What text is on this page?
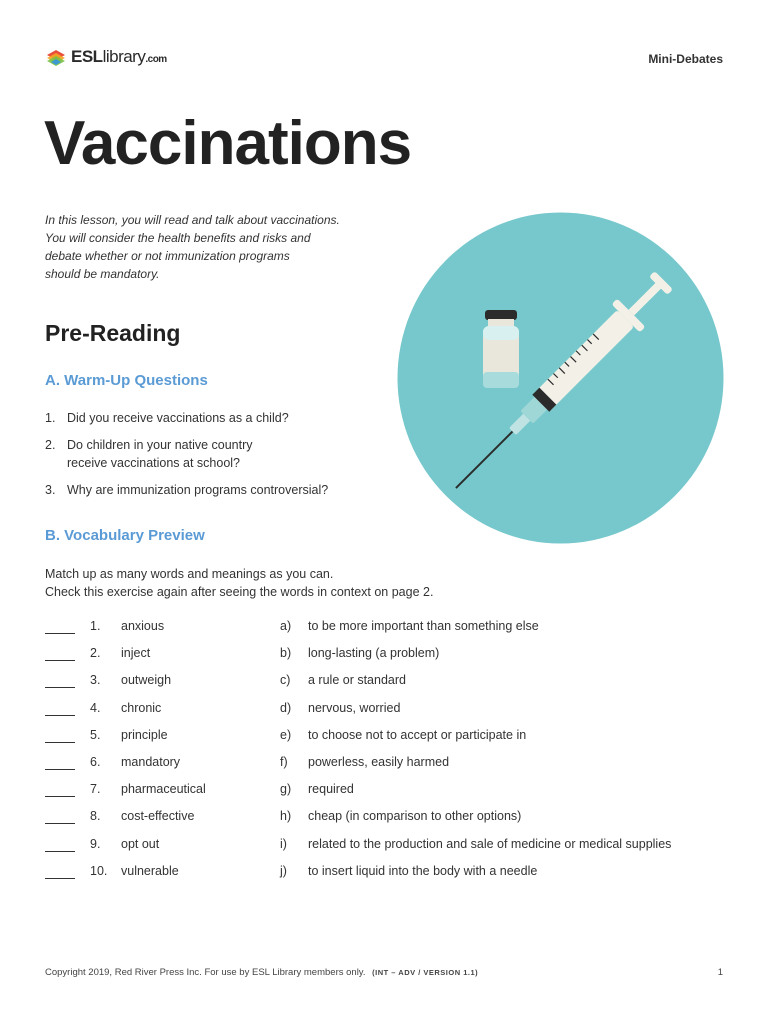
ESLlibrary.com	Mini-Debates
Vaccinations

In this lesson, you will read and talk about vaccinations.
You will consider the health benefits and risks and
debate whether or not immunization programs
should be mandatory.

Pre-Reading
A. Warm-Up Questions
1. Did you receive vaccinations as a child?
2. Do children in your native country
receive vaccinations at school?
3. Why are immunization programs controversial?
B. Vocabulary Preview

Match up as many words and meanings as you can.
Check this exercise again after seeing the words in context on page 2.

1. anxious	a) to be more important than something else
2. inject	b) long-lasting (a problem)
3. outweigh	c) a rule or standard
4. chronic	d) nervous, worried
5. principle	e) to choose not to accept or participate in
6. mandatory	f) powerless, easily harmed
7. pharmaceutical	g) required
8. cost-effective	h) cheap (in comparison to other options)
9. opt out	i) related to the production and sale of medicine or medical supplies
10. vulnerable	j) to insert liquid into the body with a needle
Copyright 2019, Red River Press Inc. For use by ESL Library members only. (INT – ADV / VERSION 1.1)	1
